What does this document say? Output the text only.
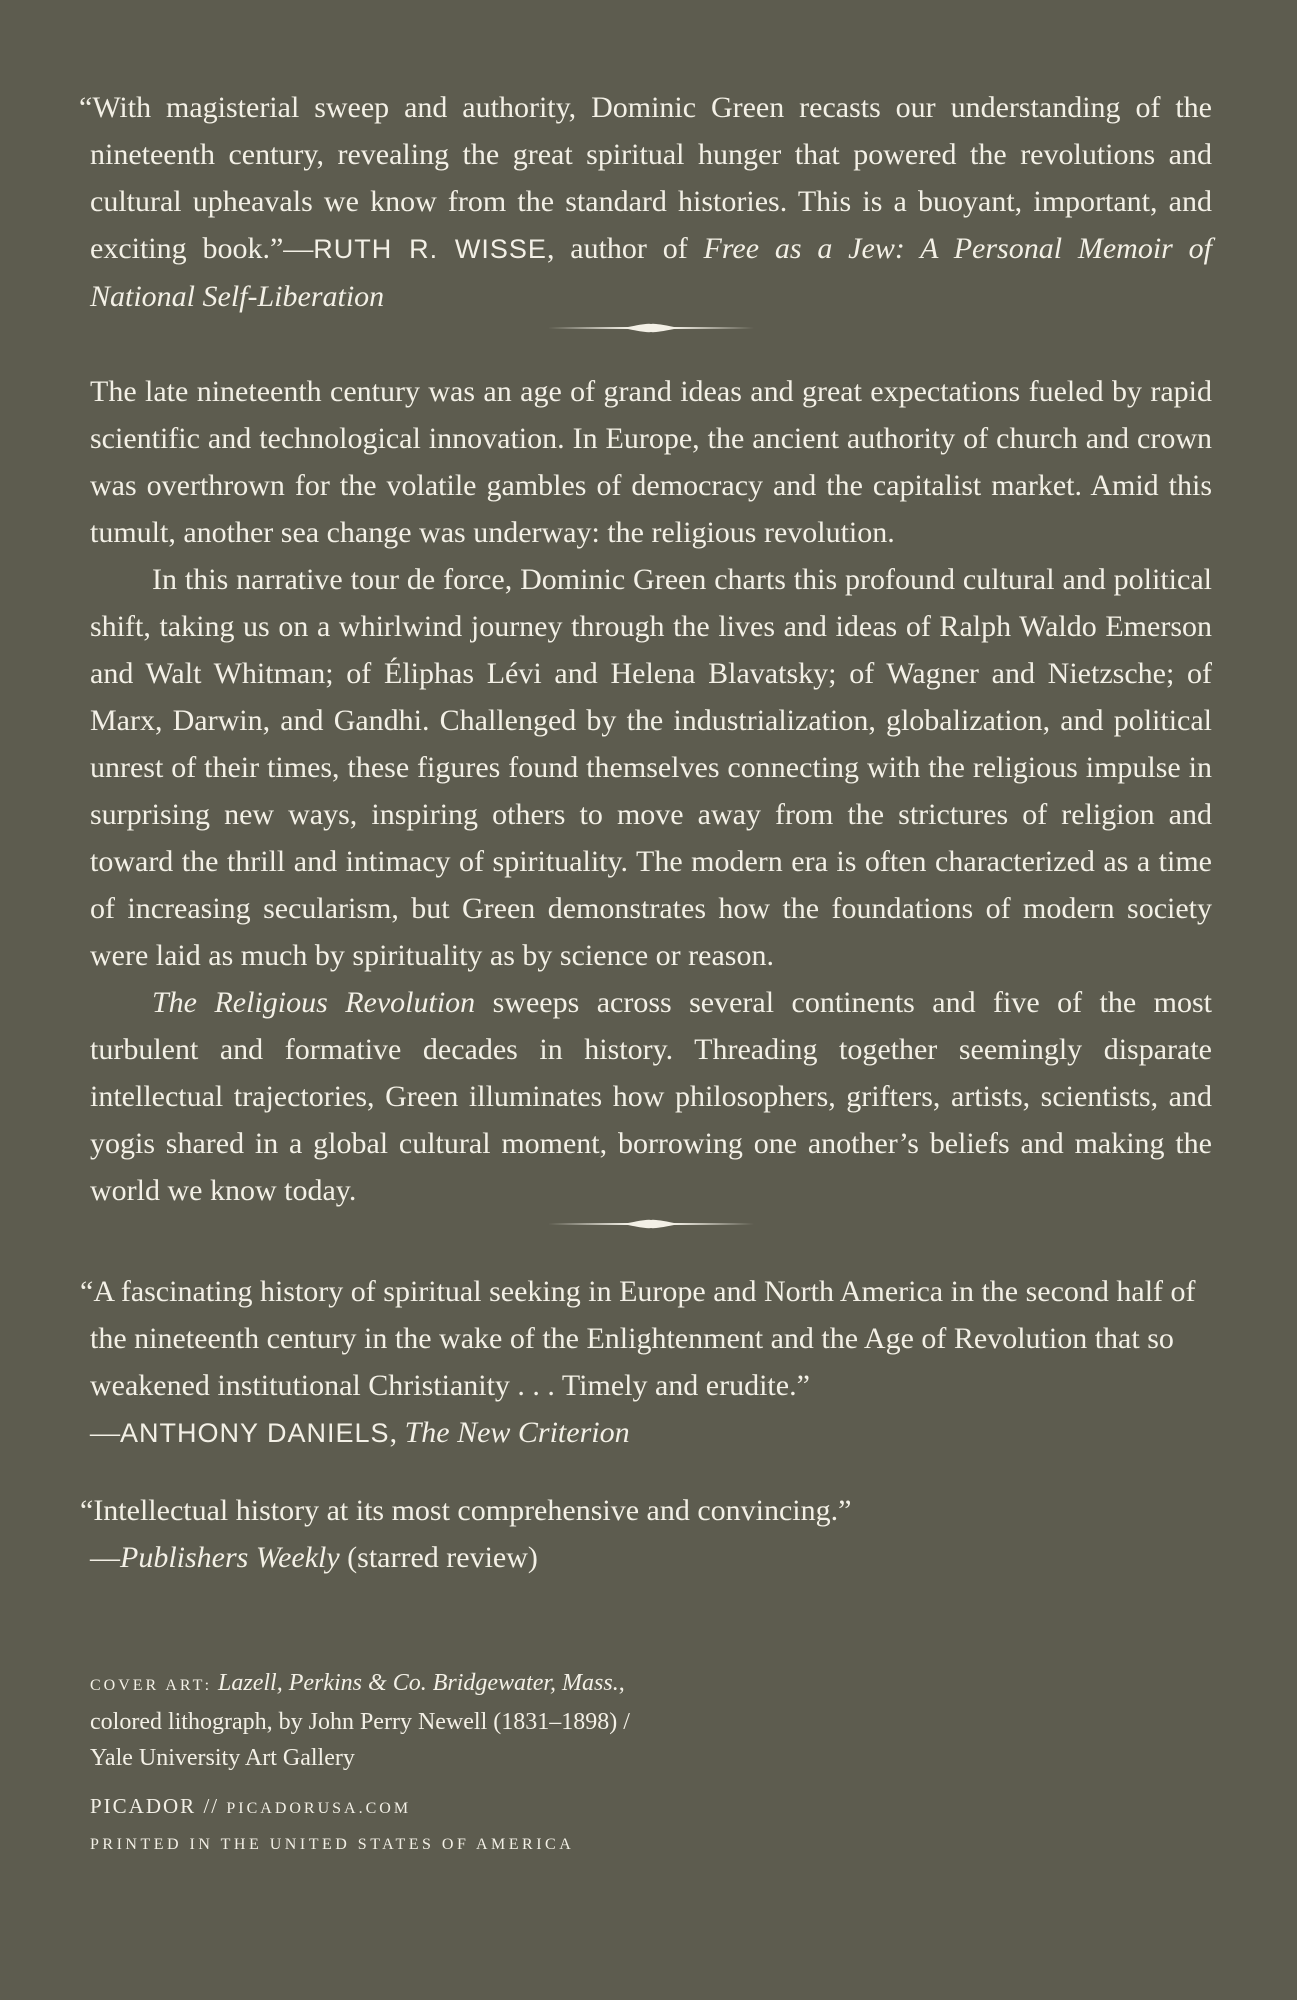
“With magisterial sweep and authority, Dominic Green recasts our understanding of the nineteenth century, revealing the great spiritual hunger that powered the revolutions and cultural upheavals we know from the standard histories. This is a buoyant, important, and exciting book.”—RUTH R. WISSE, author of Free as a Jew: A Personal Memoir of National Self-Liberation

The late nineteenth century was an age of grand ideas and great expectations fueled by rapid scientific and technological innovation. In Europe, the ancient authority of church and crown was overthrown for the volatile gambles of democracy and the capitalist market. Amid this tumult, another sea change was underway: the religious revolution.

In this narrative tour de force, Dominic Green charts this profound cultural and political shift, taking us on a whirlwind journey through the lives and ideas of Ralph Waldo Emerson and Walt Whitman; of Éliphas Lévi and Helena Blavatsky; of Wagner and Nietzsche; of Marx, Darwin, and Gandhi. Challenged by the industrialization, globalization, and political unrest of their times, these figures found themselves connecting with the religious impulse in surprising new ways, inspiring others to move away from the strictures of religion and toward the thrill and intimacy of spirituality. The modern era is often characterized as a time of increasing secularism, but Green demonstrates how the foundations of modern society were laid as much by spirituality as by science or reason.

The Religious Revolution sweeps across several continents and five of the most turbulent and formative decades in history. Threading together seemingly disparate intellectual trajectories, Green illuminates how philosophers, grifters, artists, scientists, and yogis shared in a global cultural moment, borrowing one another’s beliefs and making the world we know today.

“A fascinating history of spiritual seeking in Europe and North America in the second half of the nineteenth century in the wake of the Enlightenment and the Age of Revolution that so weakened institutional Christianity . . . Timely and erudite.”

—ANTHONY DANIELS, The New Criterion

“Intellectual history at its most comprehensive and convincing.”

—Publishers Weekly (starred review)

COVER ART: Lazell, Perkins & Co. Bridgewater, Mass.,
colored lithograph, by John Perry Newell (1831–1898) /
Yale University Art Gallery
PICADOR // PICADORUSA.COM
PRINTED IN THE UNITED STATES OF AMERICA
